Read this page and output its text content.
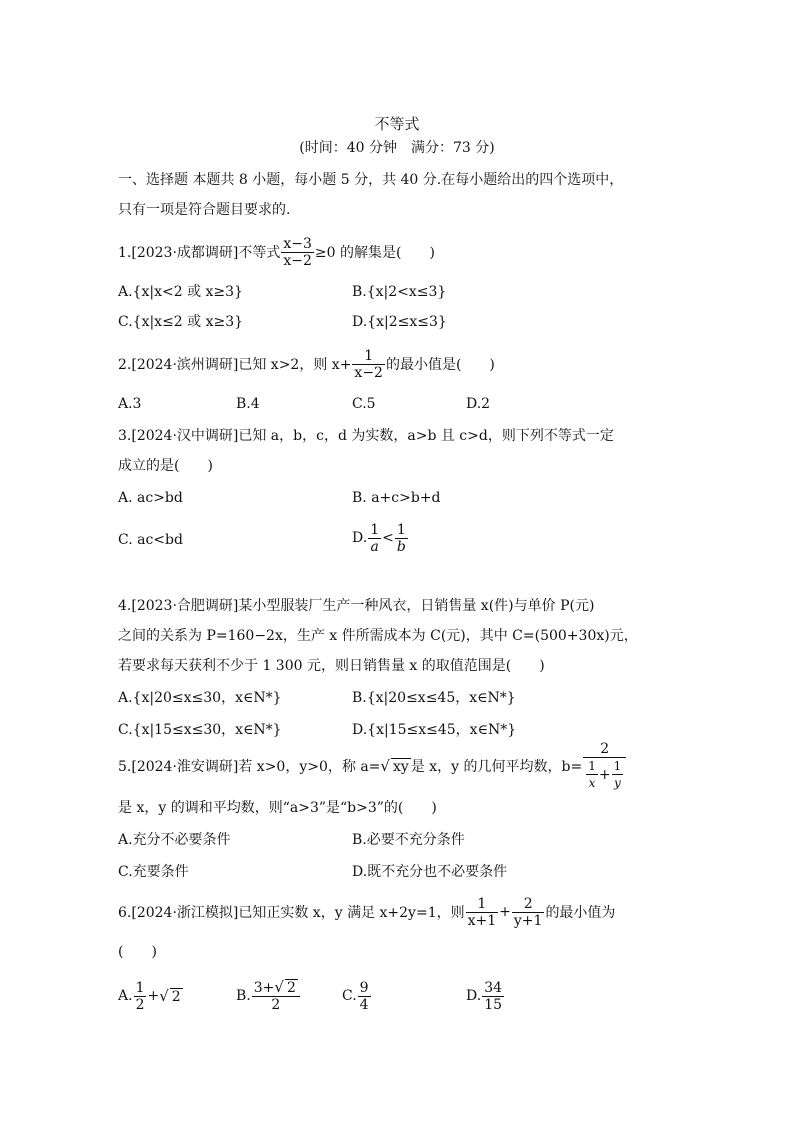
不等式
(时间：40 分钟　满分：73 分)
一、选择题 本题共 8 小题，每小题 5 分，共 40 分.在每小题给出的四个选项中，
只有一项是符合题目要求的.
1.[2023·成都调研]不等式 $\frac{x-3}{x-2} \ge 0$ 的解集是(　　)
A.{x|x<2 或 x≥3}	B.{x|2<x≤3}
C.{x|x≤2 或 x≥3}	D.{x|2≤x≤3}
2.[2024·滨州调研]已知 x>2，则 $x+ \frac{1}{x-2}$ 的最小值是(　　)
A.3	B.4	C.5	D.2
3.[2024·汉中调研]已知 a，b，c，d 为实数，a>b 且 c>d，则下列不等式一定
成立的是(　　)
A. ac>bd	B. a+c>b+d
C. ac<bd	D. $\frac{1}{a} < \frac{1}{b}$
4.[2023·合肥调研]某小型服装厂生产一种风衣，日销售量 x(件)与单价 P(元)
之间的关系为 P=160−2x，生产 x 件所需成本为 C(元)，其中 C=(500+30x)元，
若要求每天获利不少于 1 300 元，则日销售量 x 的取值范围是(　　)
A.{x|20≤x≤30，x∈N*}	B.{x|20≤x≤45，x∈N*}
C.{x|15≤x≤30，x∈N*}	D.{x|15≤x≤45，x∈N*}
5.[2024·淮安调研]若 x>0，y>0，称 a= √ xy 是 x，y 的几何平均数，$b= \frac{2}{\frac{1}{x} + \frac{1}{y}}$
是 x，y 的调和平均数，则“a>3”是“b>3”的(　　)
A.充分不必要条件	B.必要不充分条件
C.充要条件	D.既不充分也不必要条件
6.[2024·浙江模拟]已知正实数 x，y 满足 x+2y=1，则 $\frac{1}{x+1} + \frac{2}{y+1}$ 的最小值为
(　　)
A. $\frac{1}{2}$ + √ 2	B. $\frac{3+√ 2}{2}$	C. $\frac{9}{4}$	D. $\frac{34}{15}$
